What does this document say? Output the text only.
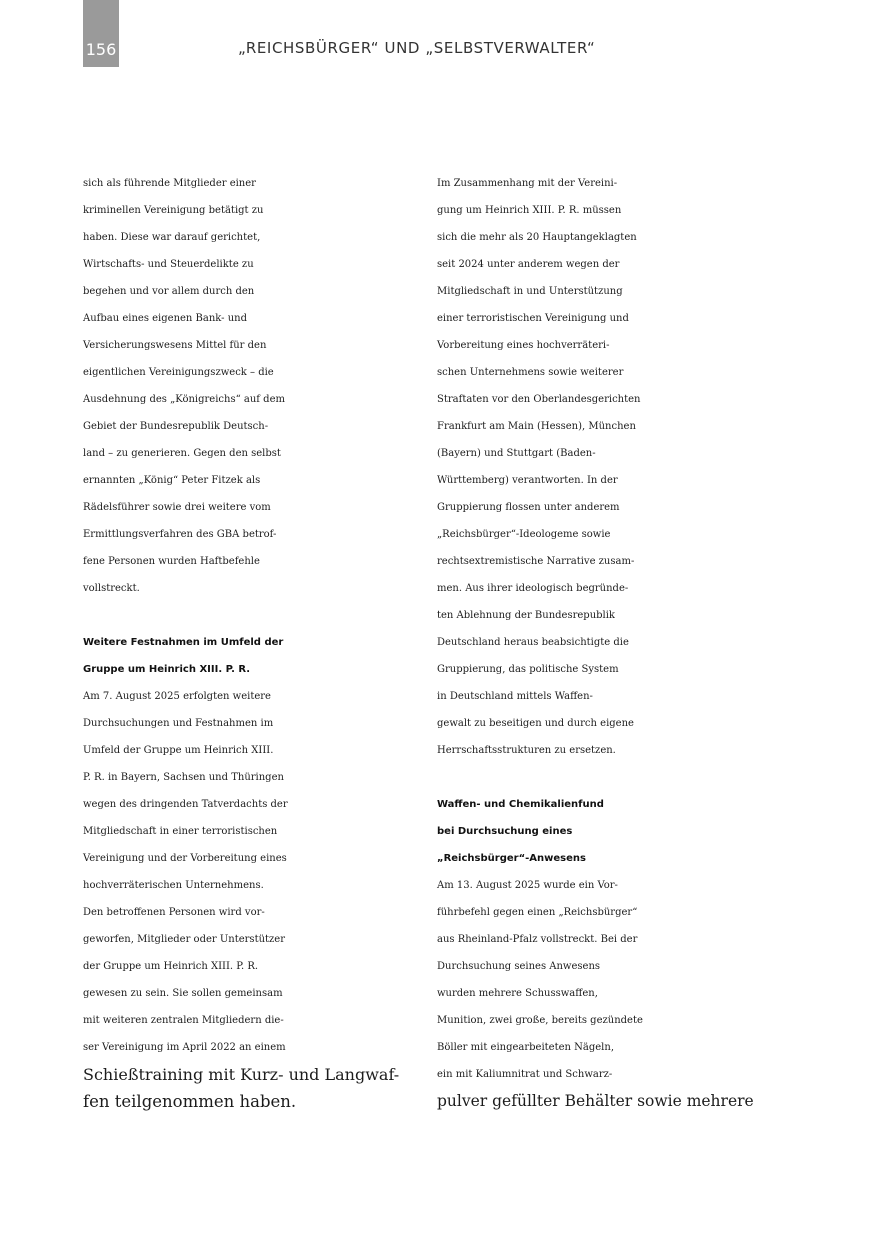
156	„REICHSBÜRGER“ UND „SELBSTVERWALTER“
sich als führende Mitglieder einer
kriminellen Vereinigung betätigt zu
haben. Diese war darauf gerichtet,
Wirtschafts- und Steuerdelikte zu
begehen und vor allem durch den
Aufbau eines eigenen Bank- und
Versicherungswesens Mittel für den
eigentlichen Vereinigungszweck – die
Ausdehnung des „Königreichs“ auf dem
Gebiet der Bundesrepublik Deutsch-
land – zu generieren. Gegen den selbst
ernannten „König“ Peter Fitzek als
Rädelsführer sowie drei weitere vom
Ermittlungsverfahren des GBA betrof-
fene Personen wurden Haftbefehle
vollstreckt.
Weitere Festnahmen im Umfeld der
Gruppe um Heinrich XIII. P. R.
Am 7. August 2025 erfolgten weitere
Durchsuchungen und Festnahmen im
Umfeld der Gruppe um Heinrich XIII.
P. R. in Bayern, Sachsen und Thüringen
wegen des dringenden Tatverdachts der
Mitgliedschaft in einer terroristischen
Vereinigung und der Vorbereitung eines
hochverräterischen Unternehmens.
Den betroffenen Personen wird vor-
geworfen, Mitglieder oder Unterstützer
der Gruppe um Heinrich XIII. P. R.
gewesen zu sein. Sie sollen gemeinsam
mit weiteren zentralen Mitgliedern die-
ser Vereinigung im April 2022 an einem
Schießtraining mit Kurz- und Langwaf-
fen teilgenommen haben.
Im Zusammenhang mit der Vereini-
gung um Heinrich XIII. P. R. müssen
sich die mehr als 20 Hauptangeklagten
seit 2024 unter anderem wegen der
Mitgliedschaft in und Unterstützung
einer terroristischen Vereinigung und
Vorbereitung eines hochverräteri-
schen Unternehmens sowie weiterer
Straftaten vor den Oberlandesgerichten
Frankfurt am Main (Hessen), München
(Bayern) und Stuttgart (Baden-
Württemberg) verantworten. In der
Gruppierung flossen unter anderem
„Reichsbürger“-Ideologeme sowie
rechtsextremistische Narrative zusam-
men. Aus ihrer ideologisch begründe-
ten Ablehnung der Bundesrepublik
Deutschland heraus beabsichtigte die
Gruppierung, das politische System
in Deutschland mittels Waffen-
gewalt zu beseitigen und durch eigene
Herrschaftsstrukturen zu ersetzen.
Waffen- und Chemikalienfund
bei Durchsuchung eines
„Reichsbürger“-Anwesens
Am 13. August 2025 wurde ein Vor-
führbefehl gegen einen „Reichsbürger“
aus Rheinland-Pfalz vollstreckt. Bei der
Durchsuchung seines Anwesens
wurden mehrere Schusswaffen,
Munition, zwei große, bereits gezündete
Böller mit eingearbeiteten Nägeln,
ein mit Kaliumnitrat und Schwarz-
pulver gefüllter Behälter sowie mehrere
